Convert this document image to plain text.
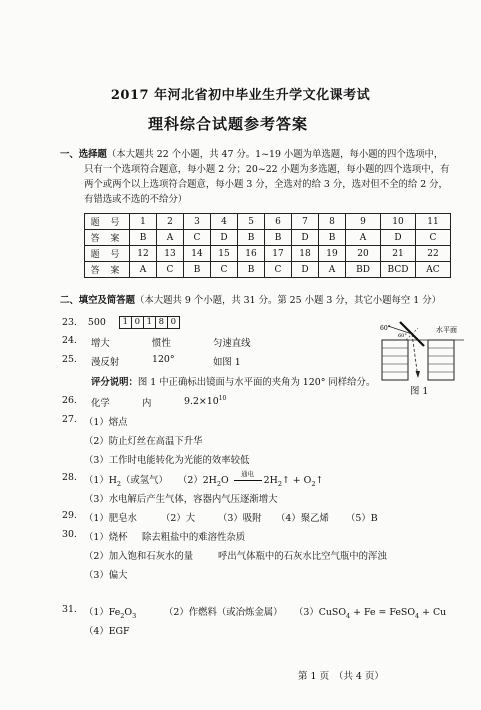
2017 年河北省初中毕业生升学文化课考试
理科综合试题参考答案
一、选择题（本大题共 22 个小题，共 47 分。1~19 小题为单选题，每小题的四个选项中，
只有一个选项符合题意，每小题 2 分；20~22 小题为多选题，每小题的四个选项中，有
两个或两个以上选项符合题意，每小题 3 分，全选对的给 3 分，选对但不全的给 2 分，
有错选或不选的不给分）
题 号	1	2	3	4	5	6	7	8	9	10	11
答 案	B	A	C	D	B	B	D	B	A	D	C
题 号	12	13	14	15	16	17	18	19	20	21	22
答 案	A	C	B	C	B	C	D	A	BD	BCD	AC
二、填空及简答题（本大题共 9 个小题，共 31 分。第 25 小题 3 分，其它小题每空 1 分）
23. 500	1 0 1 8 0
24. 增大	惯性	匀速直线
25. 漫反射	120°	如图 1
评分说明：图 1 中正确标出镜面与水平面的夹角为 120° 同样给分。
60°
60°
水平面
图 1
26. 化学	内	$9.2\times 10^{10}$
27. （1）熔点
（2）防止灯丝在高温下升华
（3）工作时电能转化为光能的效率较低
28. $(1)H_2$（或氢气） $(2)2H_2O$
通电
$2H_2↑$ + $O_2↑$
（3）水电解后产生气体，容器内气压逐渐增大
29. （1）肥皂水	（2）大 （3）吸附 （4）聚乙烯 （5）B
30. （1）烧杯 除去粗盐中的难溶性杂质
（2）加入饱和石灰水的量	呼出气体瓶中的石灰水比空气瓶中的浑浊
（3）偏大
31. $(1)Fe_2O_3$	（2）作燃料（或冶炼金属） （3）CuSO$_4$ + Fe = FeSO$_4$ + Cu
（4）EGF
第 1 页　（共 4 页）
